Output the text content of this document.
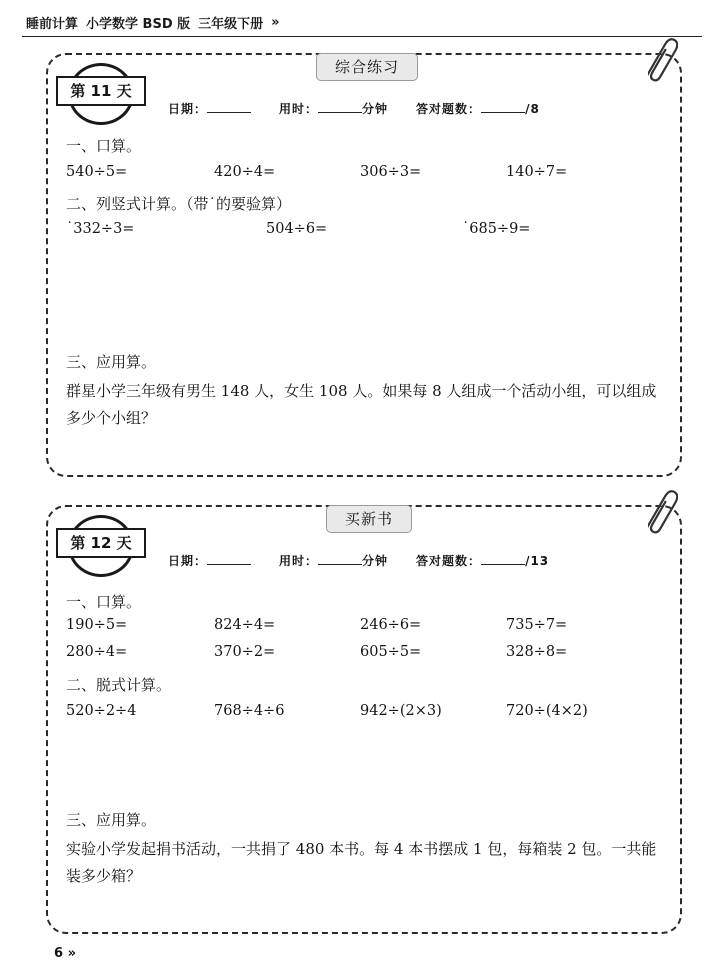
睡前计算 小学数学 BSD 版 三年级下册 »
综合练习
第 11 天
日期：	用时：	分钟 答对题数：	/8
一、口算。
540÷5=	420÷4=	306÷3=	140÷7=
二、列竖式计算。（带˙的要验算）
˙332÷3=	504÷6=	˙685÷9=
三、应用算。
群星小学三年级有男生 148 人，女生 108 人。如果每 8 人组成一个活动小组，可以组成多少个小组？
买新书
第 12 天
日期：	用时：	分钟 答对题数：	/13
一、口算。
190÷5=	824÷4=	246÷6=	735÷7=
280÷4=	370÷2=	605÷5=	328÷8=
二、脱式计算。
520÷2÷4	768÷4÷6	942÷(2×3)	720÷(4×2)
三、应用算。
实验小学发起捐书活动，一共捐了 480 本书。每 4 本书摆成 1 包，每箱装 2 包。一共能装多少箱？
6 »
